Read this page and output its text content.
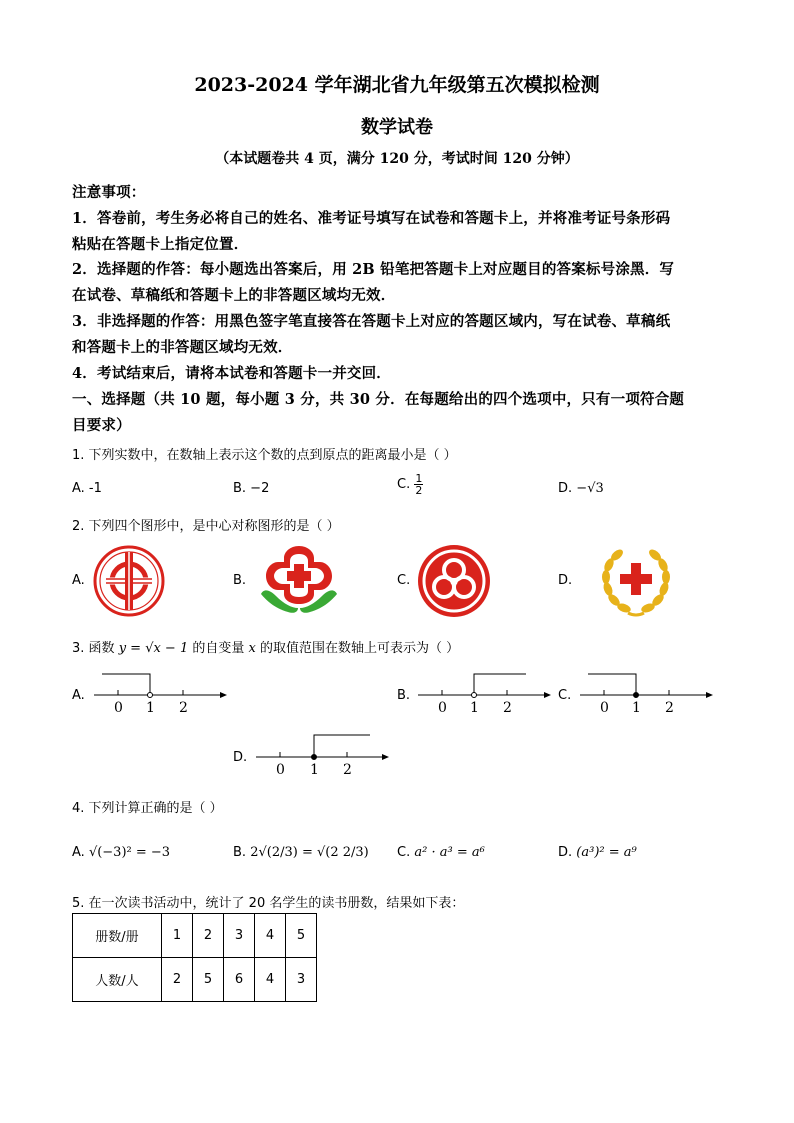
2023-2024 学年湖北省九年级第五次模拟检测
数学试卷
（本试题卷共 4 页，满分 120 分，考试时间 120 分钟）
注意事项：
1．答卷前，考生务必将自己的姓名、准考证号填写在试卷和答题卡上，并将准考证号条形码
粘贴在答题卡上指定位置．
2．选择题的作答：每小题选出答案后，用 2B 铅笔把答题卡上对应题目的答案标号涂黑．写
在试卷、草稿纸和答题卡上的非答题区域均无效．
3．非选择题的作答：用黑色签字笔直接答在答题卡上对应的答题区域内，写在试卷、草稿纸
和答题卡上的非答题区域均无效．
4．考试结束后，请将本试卷和答题卡一并交回．
一、选择题（共 10 题，每小题 3 分，共 30 分．在每题给出的四个选项中，只有一项符合题
目要求）
1. 下列实数中，在数轴上表示这个数的点到原点的距离最小是（ ）
A. -1	B. −2	C. $\frac{1}{2}$	D. −√3
2. 下列四个图形中，是中心对称图形的是（ ）
A.	B.	C.	D.
3. 函数 y = √x − 1 的自变量 x 的取值范围在数轴上可表示为（ ）
A.
0 1 2
B.
0 1 2
C.
0 1 2
D.
0 1 2
4. 下列计算正确的是（ ）
A. √(−3)² = −3	B. 2√(2/3) = √(2 2/3) C. a² · a³ = a⁶	D. (a³)² = a⁹
5. 在一次读书活动中，统计了 20 名学生的读书册数，结果如下表：
册数/册	1	2	3	4	5
人数/人	2	5	6	4	3
